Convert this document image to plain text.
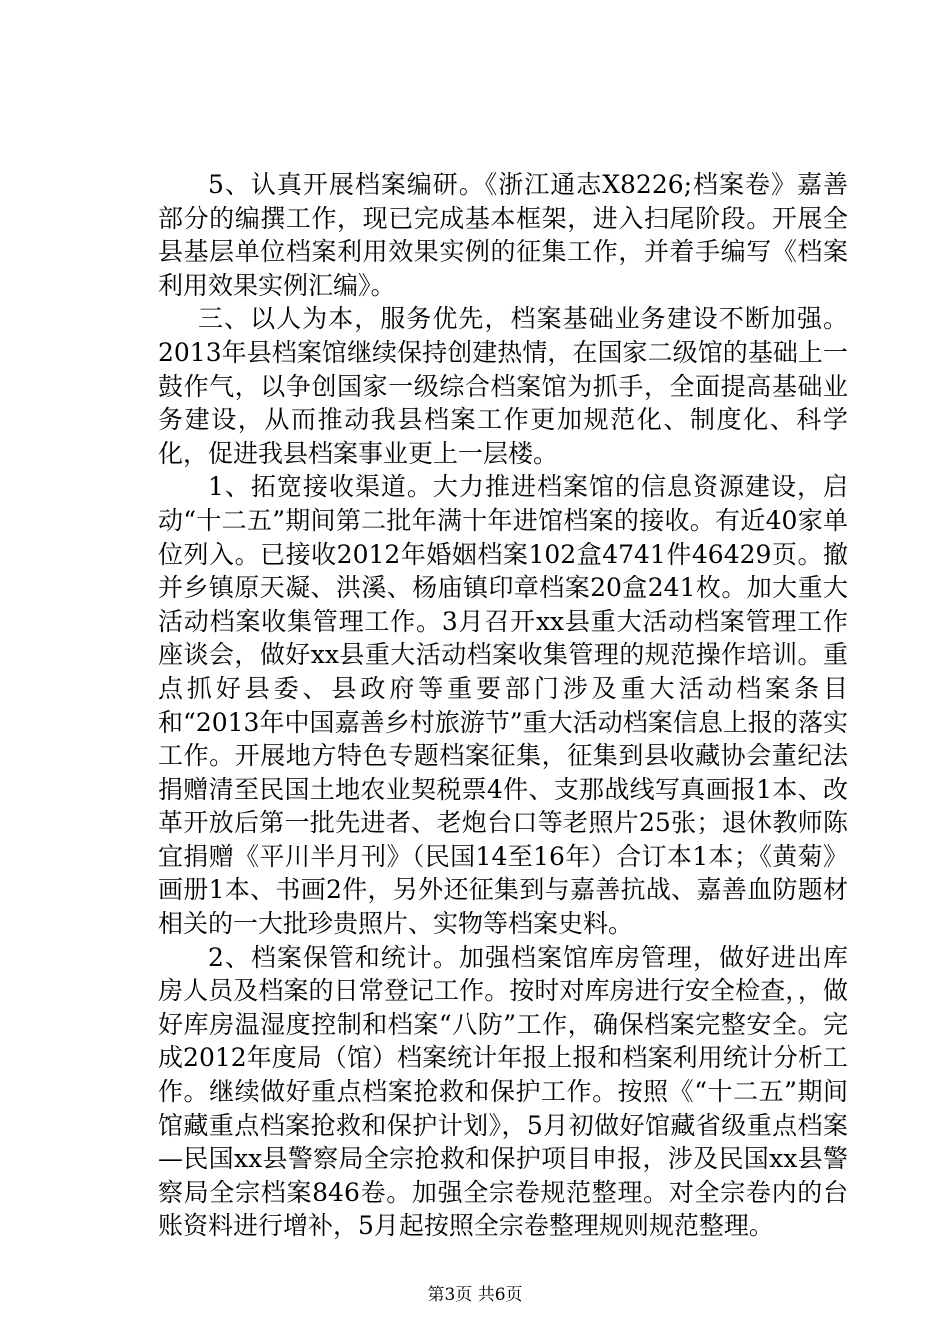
5、认真开展档案编研。《浙江通志X8226;档案卷》嘉善部分的编撰工作，现已完成基本框架，进入扫尾阶段。开展全县基层单位档案利用效果实例的征集工作，并着手编写《档案利用效果实例汇编》。

三、以人为本，服务优先，档案基础业务建设不断加强。2013年县档案馆继续保持创建热情，在国家二级馆的基础上一鼓作气，以争创国家一级综合档案馆为抓手，全面提高基础业务建设，从而推动我县档案工作更加规范化、制度化、科学化，促进我县档案事业更上一层楼。

1、拓宽接收渠道。大力推进档案馆的信息资源建设，启动“十二五”期间第二批年满十年进馆档案的接收。有近40家单位列入。已接收2012年婚姻档案102盒4741件46429页。撤并乡镇原天凝、洪溪、杨庙镇印章档案20盒241枚。加大重大活动档案收集管理工作。3月召开xx县重大活动档案管理工作座谈会，做好xx县重大活动档案收集管理的规范操作培训。重点抓好县委、县政府等重要部门涉及重大活动档案条目和“2013年中国嘉善乡村旅游节”重大活动档案信息上报的落实工作。开展地方特色专题档案征集，征集到县收藏协会董纪法捐赠清至民国土地农业契税票4件、支那战线写真画报1本、改革开放后第一批先进者、老炮台口等老照片25张；退休教师陈宜捐赠《平川半月刊》（民国14至16年）合订本1本；《黄菊》画册1本、书画2件，另外还征集到与嘉善抗战、嘉善血防题材相关的一大批珍贵照片、实物等档案史料。

2、档案保管和统计。加强档案馆库房管理，做好进出库房人员及档案的日常登记工作。按时对库房进行安全检查，，做好库房温湿度控制和档案“八防”工作，确保档案完整安全。完成2012年度局（馆）档案统计年报上报和档案利用统计分析工作。继续做好重点档案抢救和保护工作。按照《“十二五”期间馆藏重点档案抢救和保护计划》，5月初做好馆藏省级重点档案—民国xx县警察局全宗抢救和保护项目申报，涉及民国xx县警察局全宗档案846卷。加强全宗卷规范整理。对全宗卷内的台账资料进行增补，5月起按照全宗卷整理规则规范整理。

第3页 共6页
